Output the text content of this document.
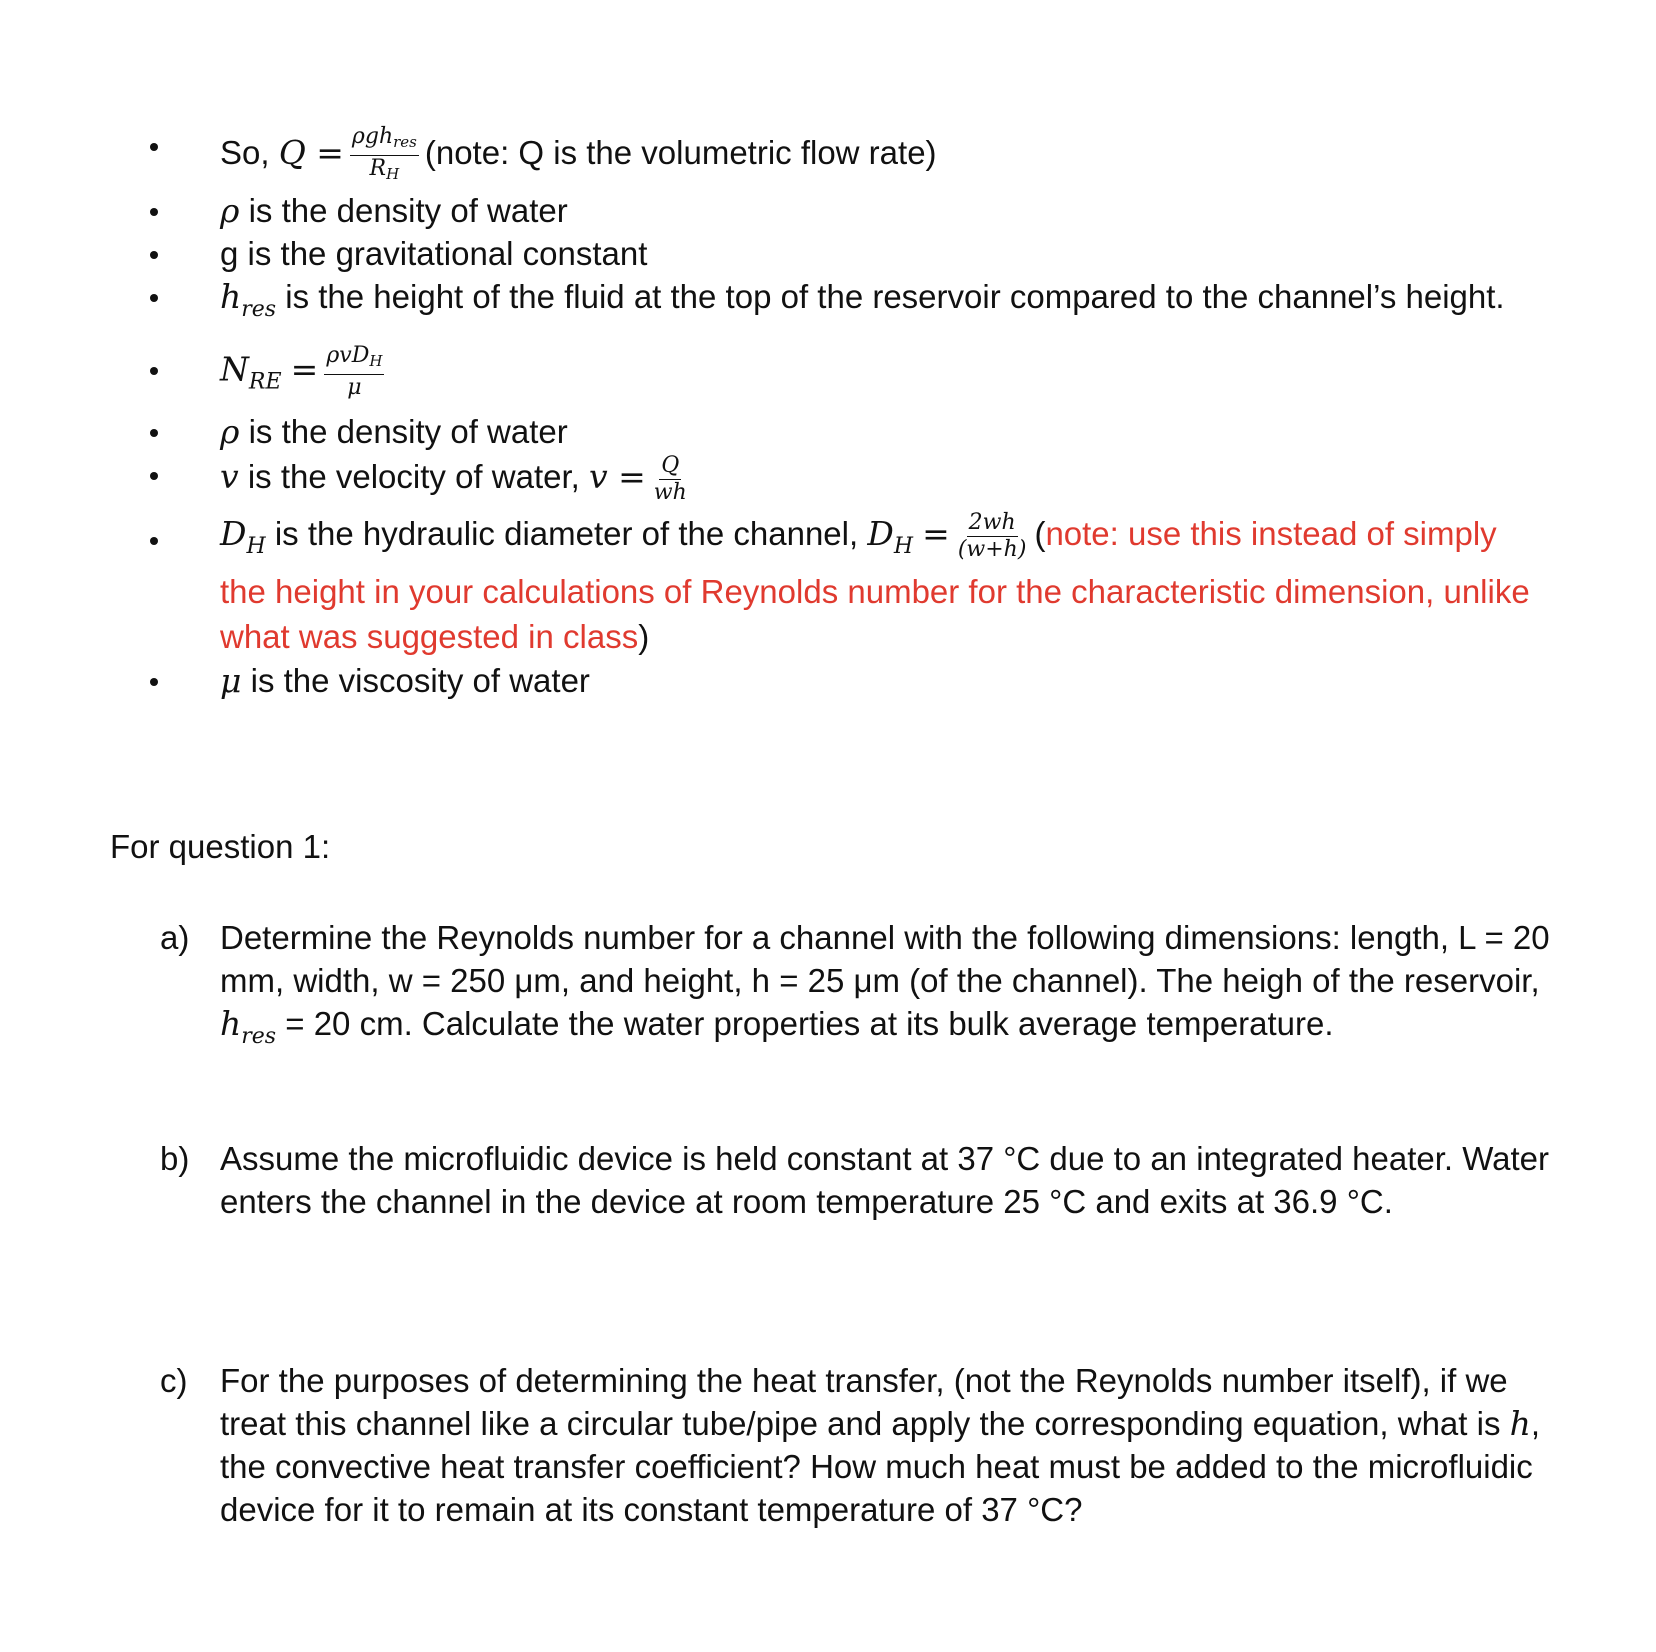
So, $Q = \frac{\text{ρghres}}{RH}$ (note: Q is the volumetric flow rate)
ρ is the density of water
g is the gravitational constant
$h_{res}$ is the height of the fluid at the top of the reservoir compared to the channel’s height.
$N_{RE} = \frac{\text{ρvDH}}{\mu}$
ρ is the density of water
v is the velocity of water, $v = \frac{Q}{wh}$
$D_H$ is the hydraulic diameter of the channel, $D_H = \frac{2wh}{(w+h)}$ (note: use this instead of simply the height in your calculations of Reynolds number for the characteristic dimension, unlike what was suggested in class)
μ is the viscosity of water
For question 1:
a) Determine the Reynolds number for a channel with the following dimensions: length, L = 20 mm, width, w = 250 μm, and height, h = 25 μm (of the channel). The heigh of the reservoir, $h_{res} = 20$ cm. Calculate the water properties at its bulk average temperature.
b) Assume the microfluidic device is held constant at 37 °C due to an integrated heater. Water enters the channel in the device at room temperature 25 °C and exits at 36.9 °C.
c) For the purposes of determining the heat transfer, (not the Reynolds number itself), if we treat this channel like a circular tube/pipe and apply the corresponding equation, what is h, the convective heat transfer coefficient? How much heat must be added to the microfluidic device for it to remain at its constant temperature of 37 °C?
